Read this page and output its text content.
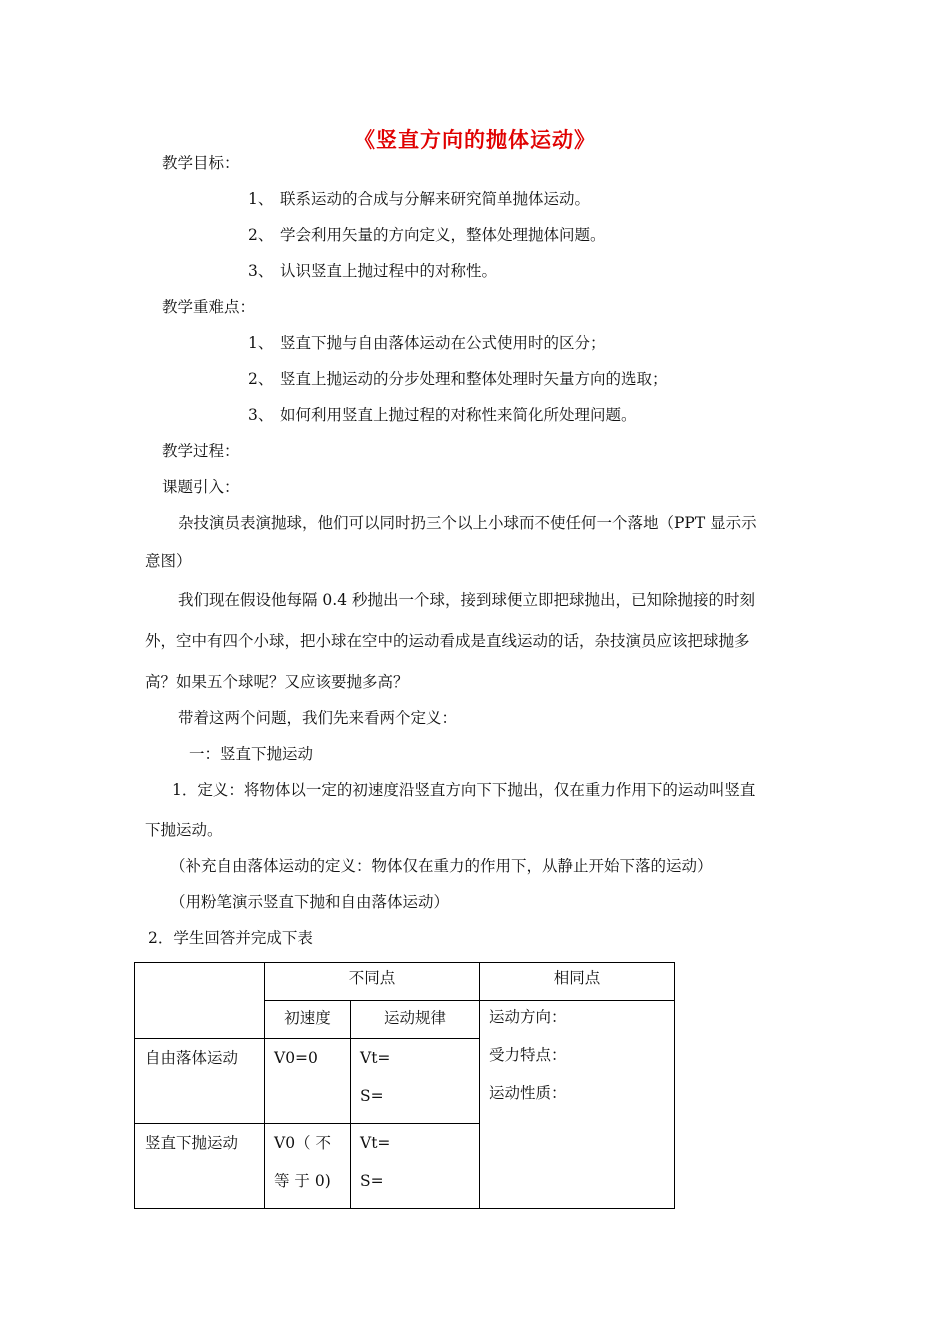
《竖直方向的抛体运动》
教学目标：
1、 联系运动的合成与分解来研究简单抛体运动。
2、 学会利用矢量的方向定义，整体处理抛体问题。
3、 认识竖直上抛过程中的对称性。
教学重难点：
1、 竖直下抛与自由落体运动在公式使用时的区分；
2、 竖直上抛运动的分步处理和整体处理时矢量方向的选取；
3、 如何利用竖直上抛过程的对称性来简化所处理问题。
教学过程：
课题引入：
杂技演员表演抛球，他们可以同时扔三个以上小球而不使任何一个落地（PPT 显示示
意图）
我们现在假设他每隔 0.4 秒抛出一个球，接到球便立即把球抛出，已知除抛接的时刻
外，空中有四个小球，把小球在空中的运动看成是直线运动的话，杂技演员应该把球抛多
高？如果五个球呢？又应该要抛多高？
带着这两个问题，我们先来看两个定义：
一：竖直下抛运动
1．定义：将物体以一定的初速度沿竖直方向下下抛出，仅在重力作用下的运动叫竖直
下抛运动。
（补充自由落体运动的定义：物体仅在重力的作用下，从静止开始下落的运动）
（用粉笔演示竖直下抛和自由落体运动）
2．学生回答并完成下表

	不同点		相同点

	初速度	运动规律	运动方向：
受力特点：
运动性质：

自由落体运动	V0=0	Vt=
S=	

竖直下抛运动	V0（ 不 等 于 0)	Vt=
S=	
